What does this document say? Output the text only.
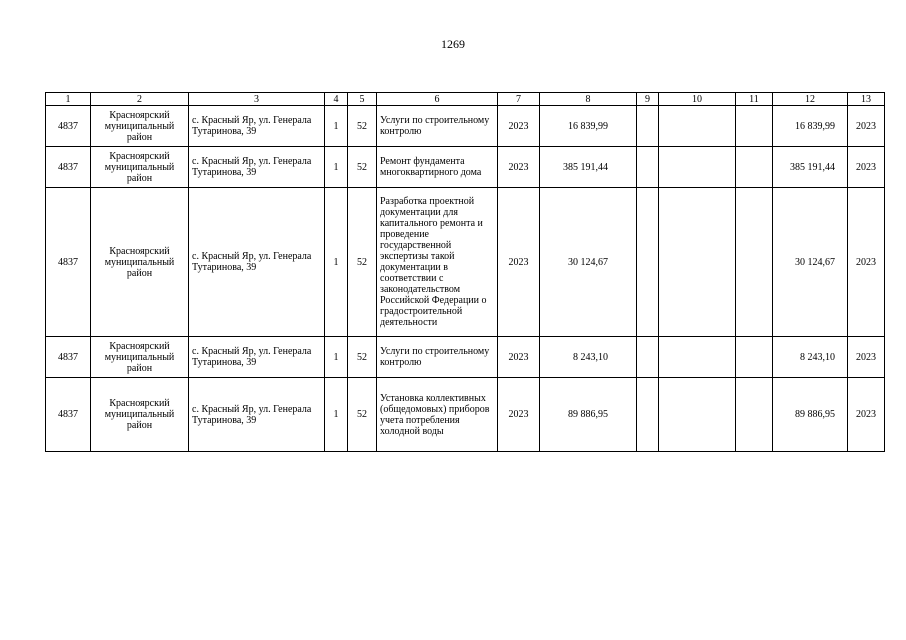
1269
1	2	3	4	5	6	7	8	9	10	11	12	13
4837	Красноярский муниципальный район	с. Красный Яр, ул. Генерала Тутаринова, 39	1	52	Услуги по строительному контролю	2023	16 839,99				16 839,99	2023
4837	Красноярский муниципальный район	с. Красный Яр, ул. Генерала Тутаринова, 39	1	52	Ремонт фундамента многоквартирного дома	2023	385 191,44				385 191,44	2023
4837	Красноярский муниципальный район	с. Красный Яр, ул. Генерала Тутаринова, 39	1	52	Разработка проектной документации для капитального ремонта и проведение государственной экспертизы такой документации в соответствии с законодательством Российской Федерации о градостроительной деятельности	2023	30 124,67				30 124,67	2023
4837	Красноярский муниципальный район	с. Красный Яр, ул. Генерала Тутаринова, 39	1	52	Услуги по строительному контролю	2023	8 243,10				8 243,10	2023
4837	Красноярский муниципальный район	с. Красный Яр, ул. Генерала Тутаринова, 39	1	52	Установка коллективных (общедомовых) приборов учета потребления холодной воды	2023	89 886,95				89 886,95	2023
